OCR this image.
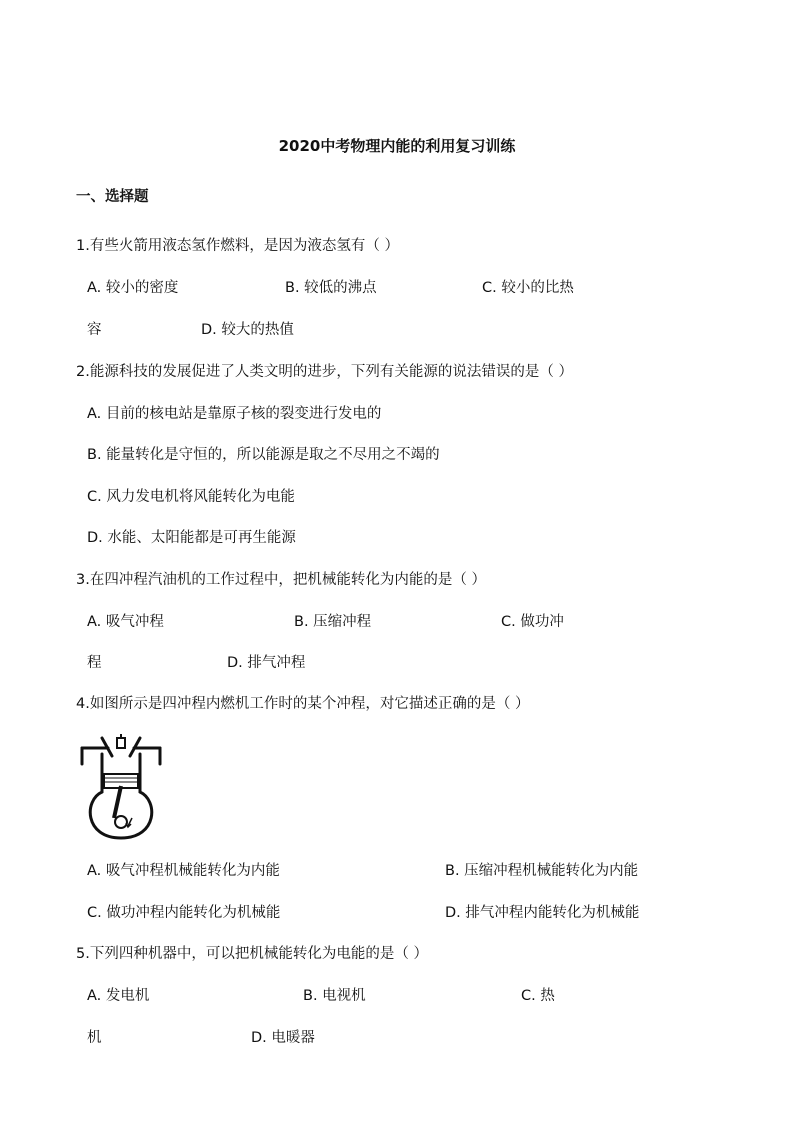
2020中考物理内能的利用复习训练
一、选择题
1.有些火箭用液态氢作燃料，是因为液态氢有（ ）
A. 较小的密度	B. 较低的沸点	C. 较小的比热
容	D. 较大的热值
2.能源科技的发展促进了人类文明的进步，下列有关能源的说法错误的是（ ）
A. 目前的核电站是靠原子核的裂变进行发电的
B. 能量转化是守恒的，所以能源是取之不尽用之不竭的
C. 风力发电机将风能转化为电能
D. 水能、太阳能都是可再生能源
3.在四冲程汽油机的工作过程中，把机械能转化为内能的是（ ）
A. 吸气冲程	B. 压缩冲程	C. 做功冲
程	D. 排气冲程
4.如图所示是四冲程内燃机工作时的某个冲程，对它描述正确的是（ ）
A. 吸气冲程机械能转化为内能	B. 压缩冲程机械能转化为内能
C. 做功冲程内能转化为机械能	D. 排气冲程内能转化为机械能
5.下列四种机器中，可以把机械能转化为电能的是（ ）
A. 发电机	B. 电视机	C. 热
机	D. 电暖器
